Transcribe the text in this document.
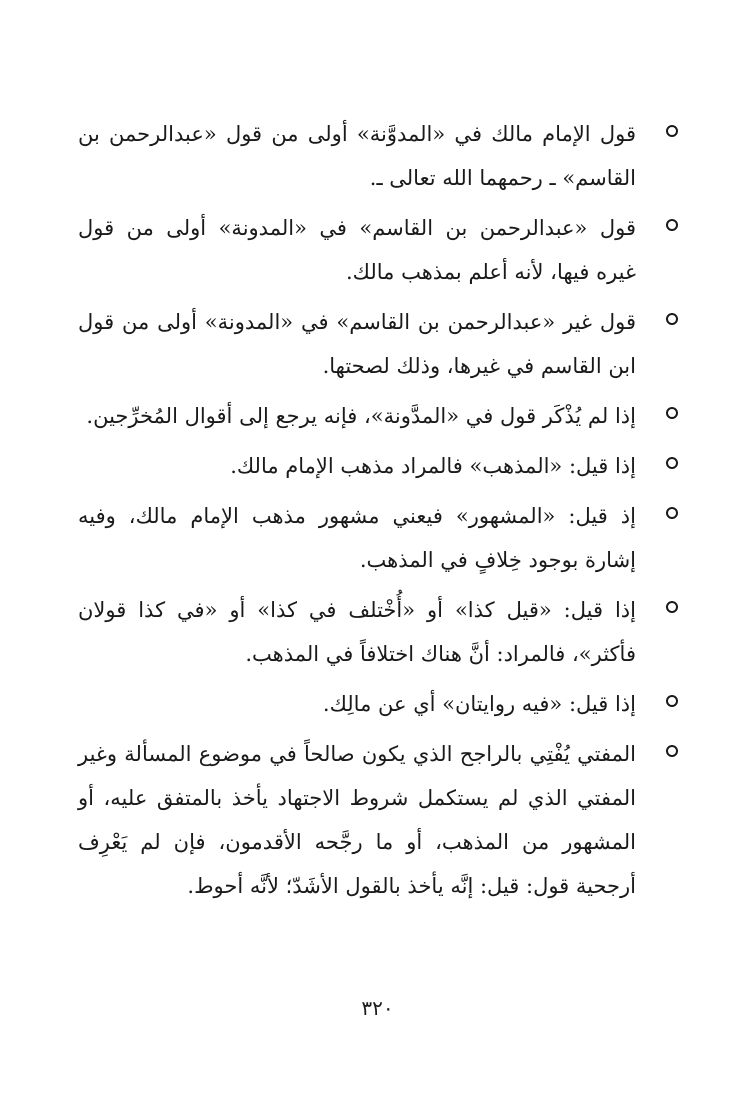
قول الإمام مالك في «المدوَّنة» أولى من قول «عبدالرحمن بن القاسم» ـ رحمهما الله تعالى ـ.
قول «عبدالرحمن بن القاسم» في «المدونة» أولى من قول غيره فيها، لأنه أعلم بمذهب مالك.
قول غير «عبدالرحمن بن القاسم» في «المدونة» أولى من قول ابن القاسم في غيرها، وذلك لصحتها.
إذا لم يُذْكَر قول في «المدَّونة»، فإنه يرجع إلى أقوال المُخرِّجين.
إذا قيل: «المذهب» فالمراد مذهب الإمام مالك.
إذ قيل: «المشهور» فيعني مشهور مذهب الإمام مالك، وفيه إشارة بوجود خِلافٍ في المذهب.
إذا قيل: «قيل كذا» أو «أُخْتلف في كذا» أو «في كذا قولان فأكثر»، فالمراد: أنَّ هناك اختلافاً في المذهب.
إذا قيل: «فيه روايتان» أي عن مالِك.
المفتي يُفْتِي بالراجح الذي يكون صالحاً في موضوع المسألة وغير المفتي الذي لم يستكمل شروط الاجتهاد يأخذ بالمتفق عليه، أو المشهور من المذهب، أو ما رجَّحه الأقدمون، فإن لم يَعْرِف أرجحية قول: قيل: إنَّه يأخذ بالقول الأشَدّ؛ لأنَّه أحوط.
٣٢٠
